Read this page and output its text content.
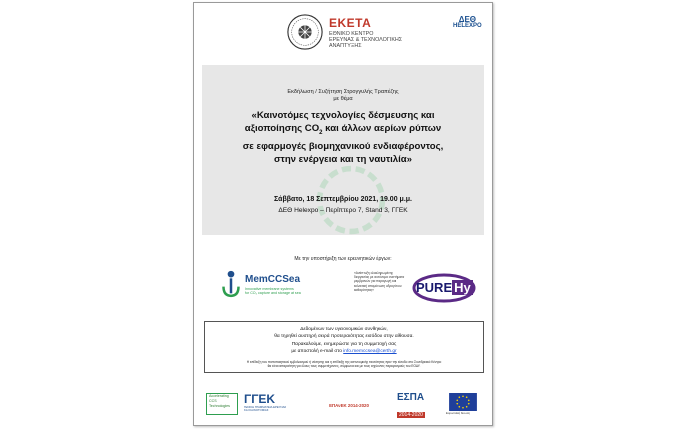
ΕΚΕΤΑ
ΕΘΝΙΚΟ ΚΕΝΤΡΟ
ΕΡΕΥΝΑΣ & ΤΕΧΝΟΛΟΓΙΚΗΣ
ΑΝΑΠΤΥΞΗΣ
ΔΕΘ
HELEXPO
Εκδήλωση / Συζήτηση Στρογγυλής Τραπέζης
με θέμα
«Καινοτόμες τεχνολογίες δέσμευσης και
αξιοποίησης $CO_2$ και άλλων αερίων ρύπων
σε εφαρμογές βιομηχανικού ενδιαφέροντος,
στην ενέργεια και τη ναυτιλία»
Σάββατο, 18 Σεπτεμβρίου 2021, 19.00 μ.μ.
ΔΕΘ Helexpo – Περίπτερο 7, Stand 3, ΓΓΕΚ
Με την υποστήριξη των ερευνητικών έργων:
MemCCSea
Innovative membrane systems
for CO₂ capture and storage at sea
«Ανάπτυξη ολοκληρωμένης διεργασίας με αυτόνομα συστήματα μεμβρανών για παραγωγή και εκλεκτική απομόνωση υδρογόνου καθαρότητας»	PURE Hy
Δεδομένων των υγειονομικών συνθηκών,
θα τηρηθεί αυστηρή σειρά προτεραιότητας εισόδου στην αίθουσα.
Παρακαλούμε, ενημερώστε για τη συμμετοχή σας
με αποστολή e-mail στο info.memccsea@certh.gr
Η επίδειξη του πιστοποιητικού εμβολιασμού ή νόσησης και η επίδειξη της αστυνομικής ταυτότητας πριν την είσοδο στο Συνεδριακό Κέντρο
θα είναι απαραίτητη για όλους τους συμμετέχοντες, σύμφωνα και με τους ισχύοντες περιορισμούς του ΕΟΔΥ.
Accelerating
CCS
Technologies	ΓΓΕΚ
ΓΕΝΙΚΗ ΓΡΑΜΜΑΤΕΙΑ ΕΡΕΥΝΑΣ ΚΑΙ ΚΑΙΝΟΤΟΜΙΑΣ
ΕΠΑνΕΚ 2014-2020
ΕΣΠΑ
2014-2020	Ευρωπαϊκή Ένωση
